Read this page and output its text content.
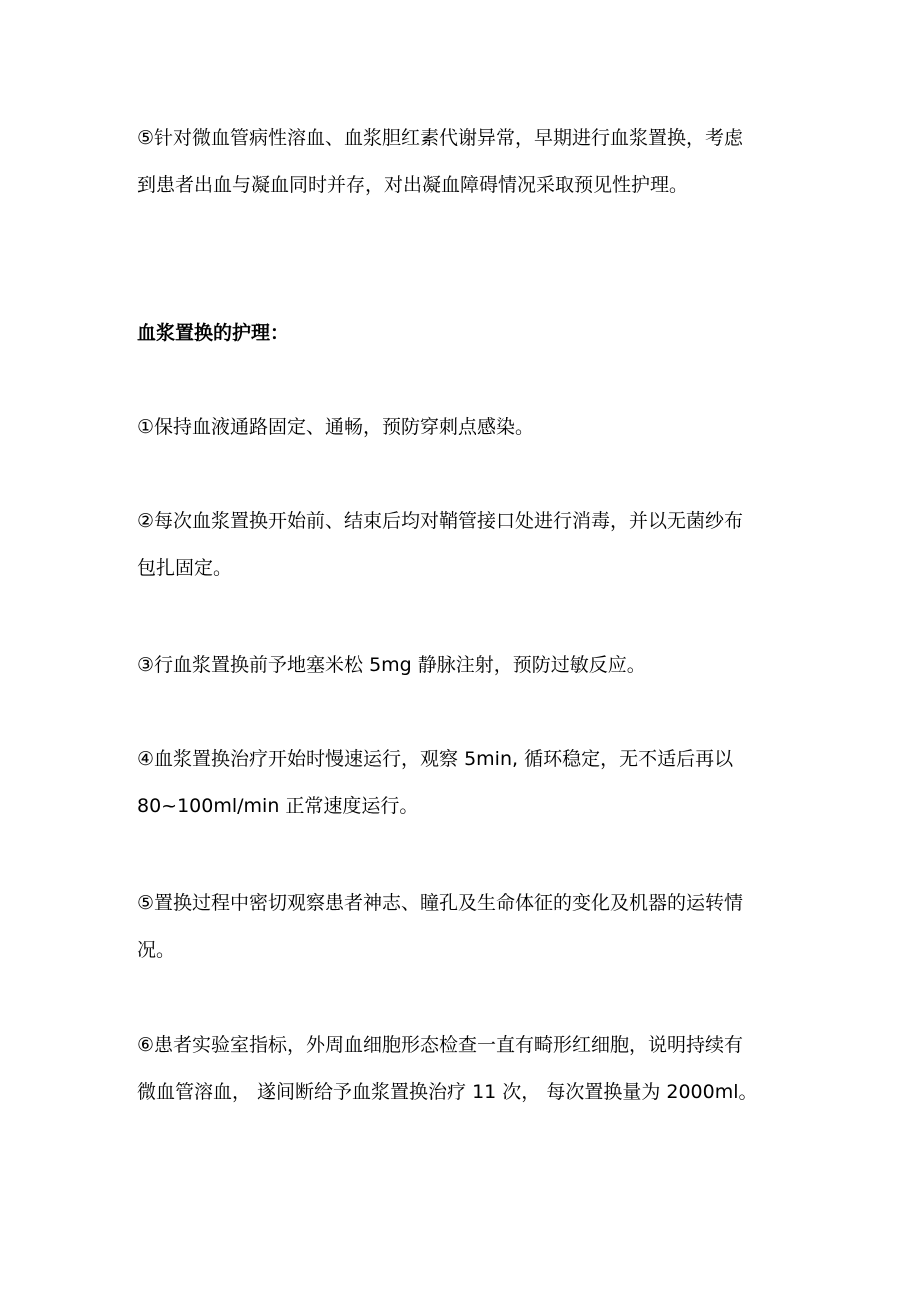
⑤针对微血管病性溶血、血浆胆红素代谢异常，早期进行血浆置换，考虑
到患者出血与凝血同时并存，对出凝血障碍情况采取预见性护理。

血浆置换的护理：

①保持血液通路固定、通畅，预防穿刺点感染。

②每次血浆置换开始前、结束后均对鞘管接口处进行消毒，并以无菌纱布
包扎固定。

③行血浆置换前予地塞米松 5mg 静脉注射，预防过敏反应。

④血浆置换治疗开始时慢速运行，观察 5min, 循环稳定，无不适后再以
80~100ml/min 正常速度运行。

⑤置换过程中密切观察患者神志、瞳孔及生命体征的变化及机器的运转情
况。

⑥患者实验室指标，外周血细胞形态检查一直有畸形红细胞，说明持续有
微血管溶血， 遂间断给予血浆置换治疗 11 次， 每次置换量为 2000ml。
